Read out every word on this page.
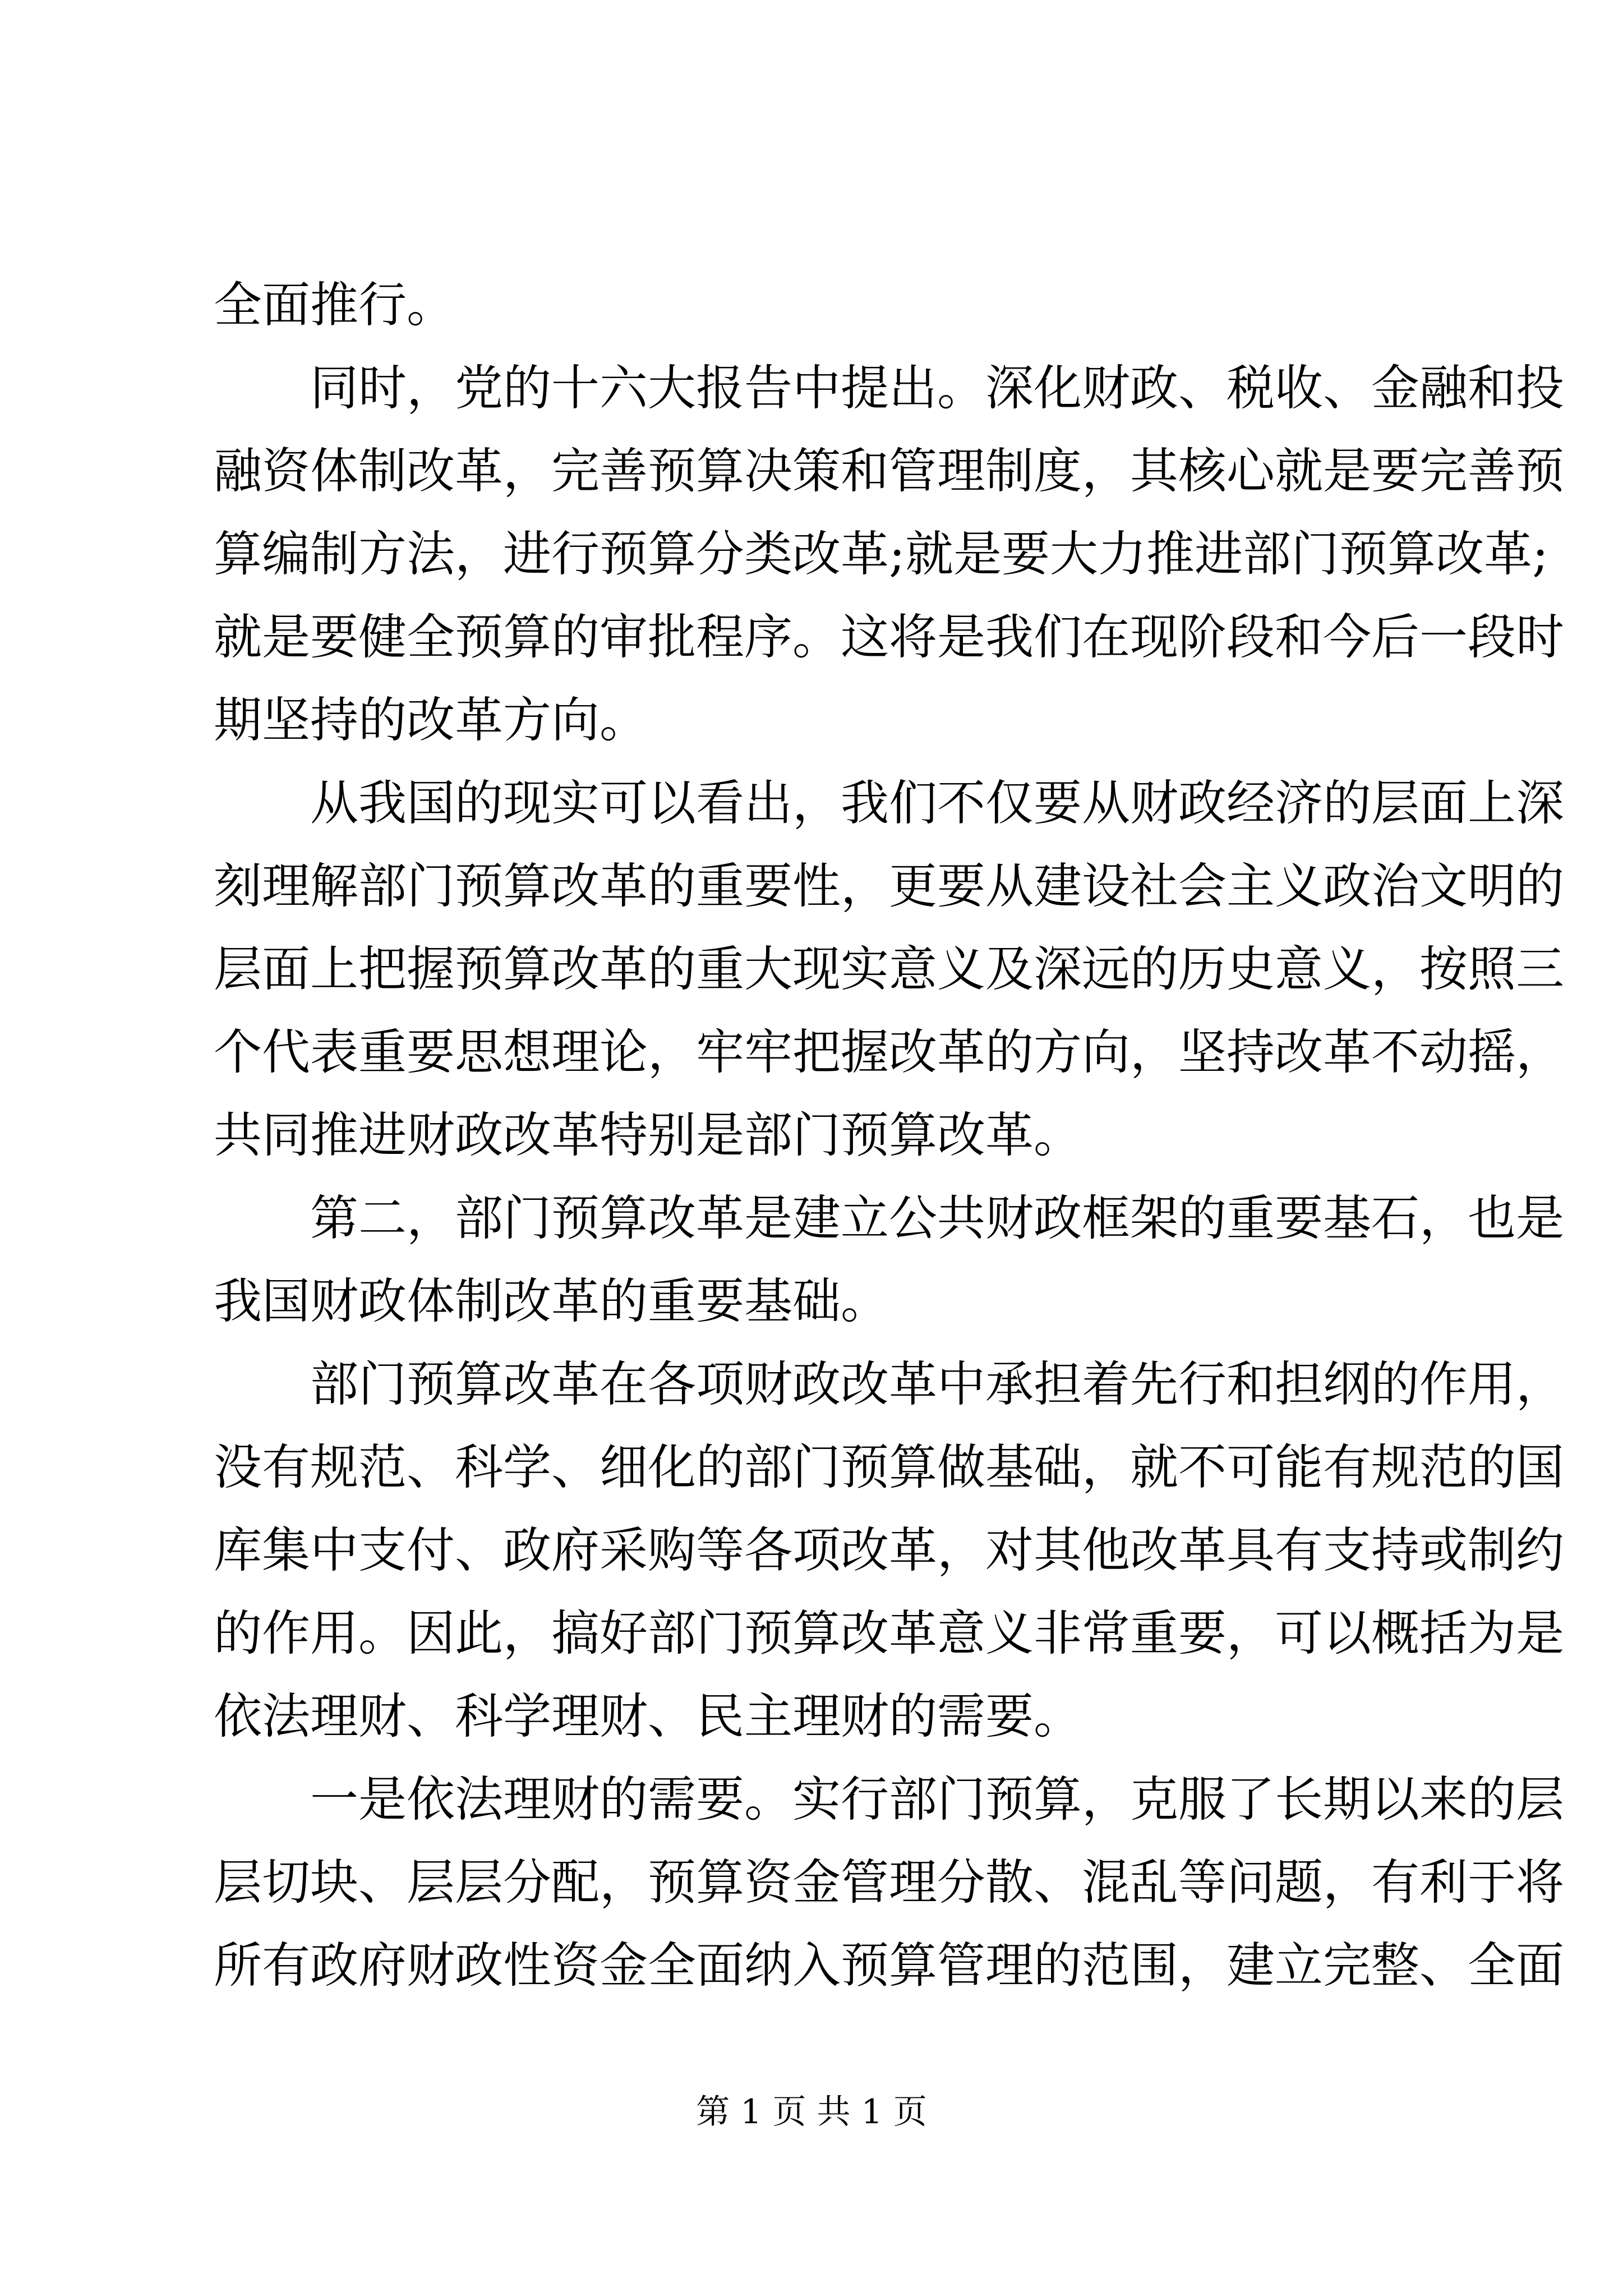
全面推行。
同时，党的十六大报告中提出。深化财政、税收、金融和投
融资体制改革，完善预算决策和管理制度，其核心就是要完善预
算编制方法，进行预算分类改革;就是要大力推进部门预算改革;
就是要健全预算的审批程序。这将是我们在现阶段和今后一段时
期坚持的改革方向。
从我国的现实可以看出，我们不仅要从财政经济的层面上深
刻理解部门预算改革的重要性，更要从建设社会主义政治文明的
层面上把握预算改革的重大现实意义及深远的历史意义，按照三
个代表重要思想理论，牢牢把握改革的方向，坚持改革不动摇，
共同推进财政改革特别是部门预算改革。
第二，部门预算改革是建立公共财政框架的重要基石，也是
我国财政体制改革的重要基础。
部门预算改革在各项财政改革中承担着先行和担纲的作用，
没有规范、科学、细化的部门预算做基础，就不可能有规范的国
库集中支付、政府采购等各项改革，对其他改革具有支持或制约
的作用。因此，搞好部门预算改革意义非常重要，可以概括为是
依法理财、科学理财、民主理财的需要。
一是依法理财的需要。实行部门预算，克服了长期以来的层
层切块、层层分配，预算资金管理分散、混乱等问题，有利于将
所有政府财政性资金全面纳入预算管理的范围，建立完整、全面
第 1 页 共 1 页
